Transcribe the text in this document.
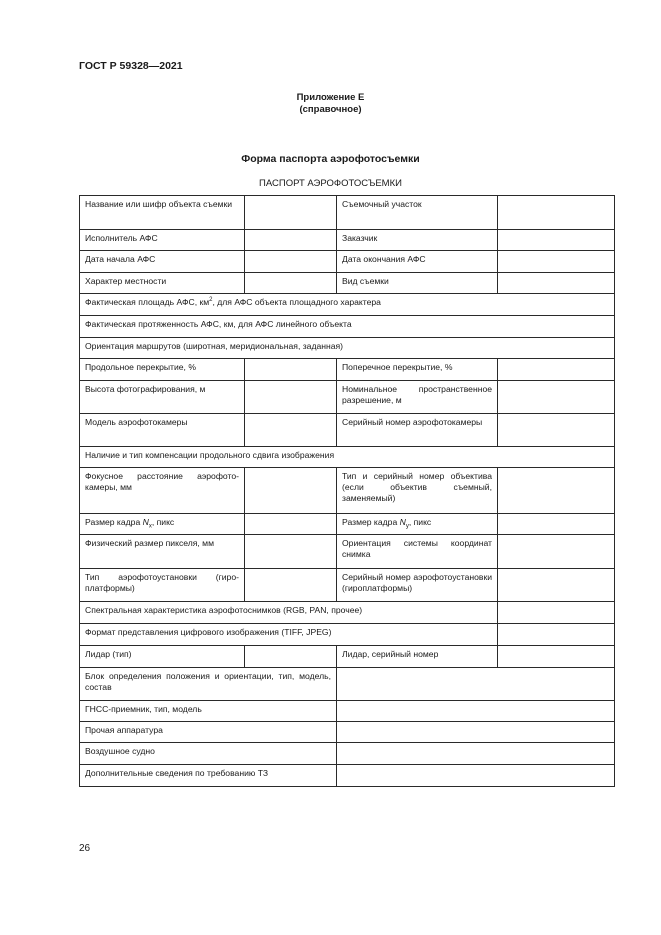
ГОСТ Р 59328—2021
Приложение Е
(справочное)
Форма паспорта аэрофотосъемки
ПАСПОРТ АЭРОФОТОСЪЕМКИ
Название или шифр объекта съемки		Съемочный участок	
Исполнитель АФС		Заказчик	
Дата начала АФС		Дата окончания АФС	
Характер местности		Вид съемки	
Фактическая площадь АФС, $км^2$, для АФС объекта площадного характера			
Фактическая протяженность АФС, км, для АФС линейного объекта			
Ориентация маршрутов (широтная, меридиональная, заданная)			
Продольное перекрытие, %		Поперечное перекрытие, %	
Высота фотографирования, м		Номинальное пространственное разрешение, м	
Модель аэрофотокамеры		Серийный номер аэрофотокамеры	
Наличие и тип компенсации продольного сдвига изображения			
Фокусное расстояние аэрофотокамеры, мм		Тип и серийный номер объектива (если объектив съемный, заменяемый)	
Размер кадра $N_x$, пикс		Размер кадра $N_y$, пикс	
Физический размер пикселя, мм		Ориентация системы координат снимка	
Тип аэрофотоустановки (гироплатформы)		Серийный номер аэрофотоустановки (гироплатформы)	
Спектральная характеристика аэрофотоснимков (RGB, PAN, прочее)			
Формат представления цифрового изображения (TIFF, JPEG)			
Лидар (тип)		Лидар, серийный номер	
Блок определения положения и ориентации, тип, модель, состав			
ГНСС-приемник, тип, модель			
Прочая аппаратура			
Воздушное судно			
Дополнительные сведения по требованию ТЗ			
26
